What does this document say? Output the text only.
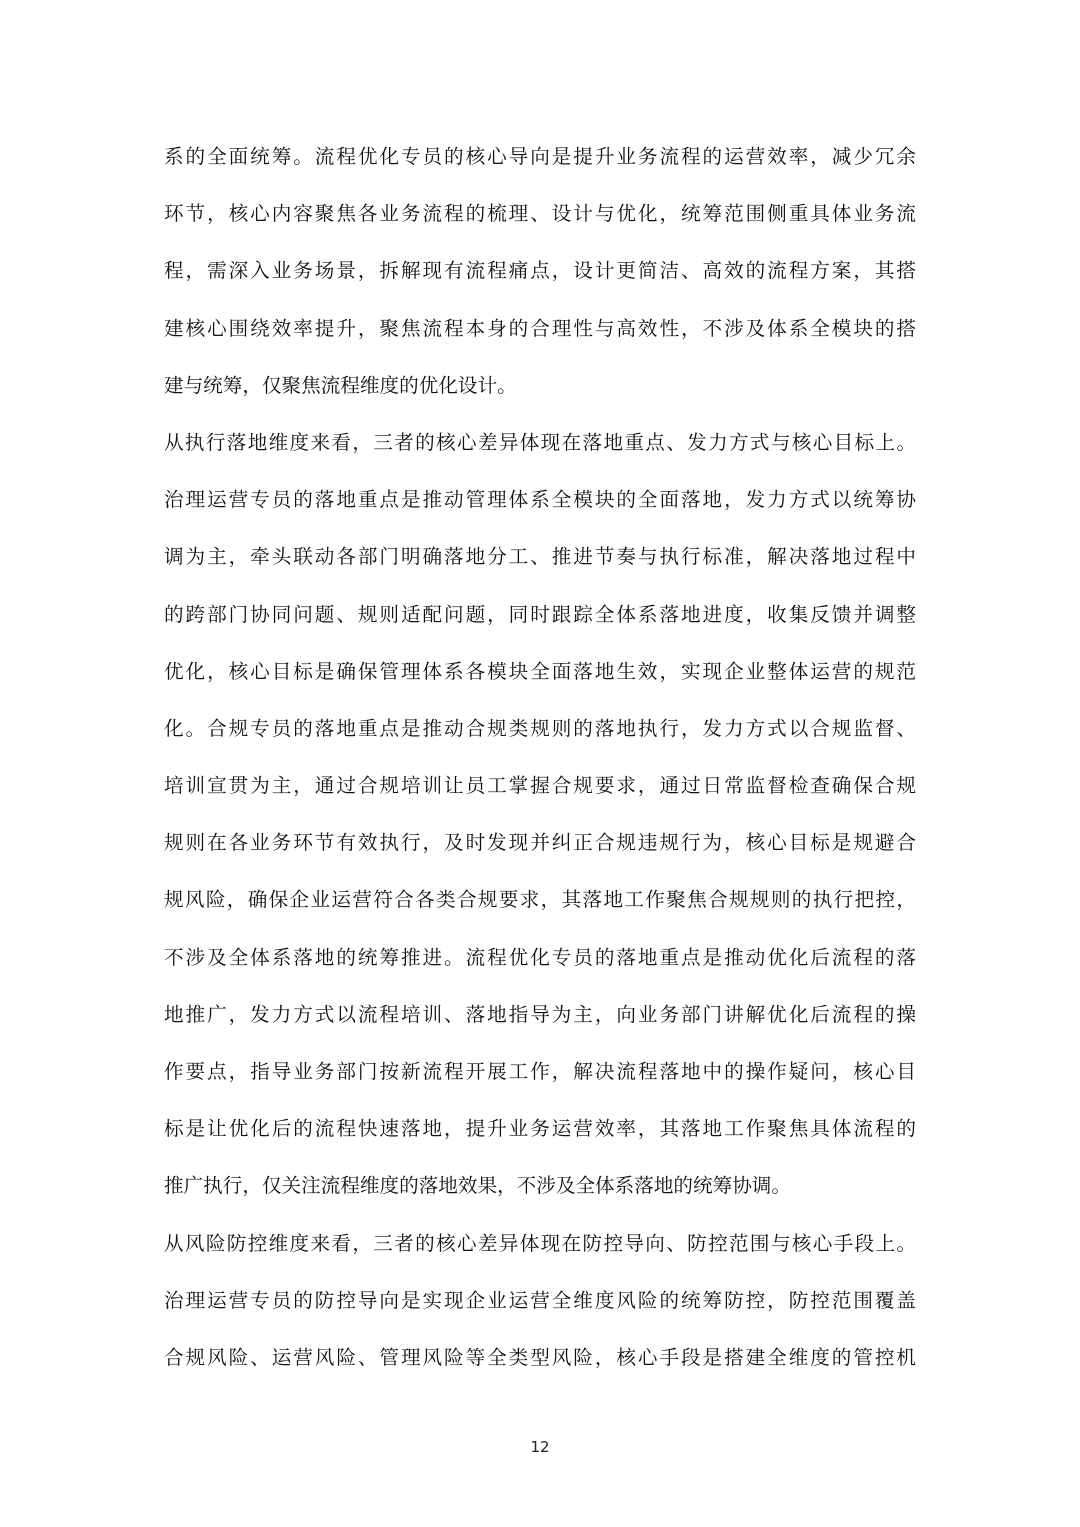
系的全面统筹。流程优化专员的核心导向是提升业务流程的运营效率，减少冗余
环节，核心内容聚焦各业务流程的梳理、设计与优化，统筹范围侧重具体业务流
程，需深入业务场景，拆解现有流程痛点，设计更简洁、高效的流程方案，其搭
建核心围绕效率提升，聚焦流程本身的合理性与高效性，不涉及体系全模块的搭
建与统筹，仅聚焦流程维度的优化设计。
从执行落地维度来看，三者的核心差异体现在落地重点、发力方式与核心目标上。
治理运营专员的落地重点是推动管理体系全模块的全面落地，发力方式以统筹协
调为主，牵头联动各部门明确落地分工、推进节奏与执行标准，解决落地过程中
的跨部门协同问题、规则适配问题，同时跟踪全体系落地进度，收集反馈并调整
优化，核心目标是确保管理体系各模块全面落地生效，实现企业整体运营的规范
化。合规专员的落地重点是推动合规类规则的落地执行，发力方式以合规监督、
培训宣贯为主，通过合规培训让员工掌握合规要求，通过日常监督检查确保合规
规则在各业务环节有效执行，及时发现并纠正合规违规行为，核心目标是规避合
规风险，确保企业运营符合各类合规要求，其落地工作聚焦合规规则的执行把控，
不涉及全体系落地的统筹推进。流程优化专员的落地重点是推动优化后流程的落
地推广，发力方式以流程培训、落地指导为主，向业务部门讲解优化后流程的操
作要点，指导业务部门按新流程开展工作，解决流程落地中的操作疑问，核心目
标是让优化后的流程快速落地，提升业务运营效率，其落地工作聚焦具体流程的
推广执行，仅关注流程维度的落地效果，不涉及全体系落地的统筹协调。
从风险防控维度来看，三者的核心差异体现在防控导向、防控范围与核心手段上。
治理运营专员的防控导向是实现企业运营全维度风险的统筹防控，防控范围覆盖
合规风险、运营风险、管理风险等全类型风险，核心手段是搭建全维度的管控机
12
